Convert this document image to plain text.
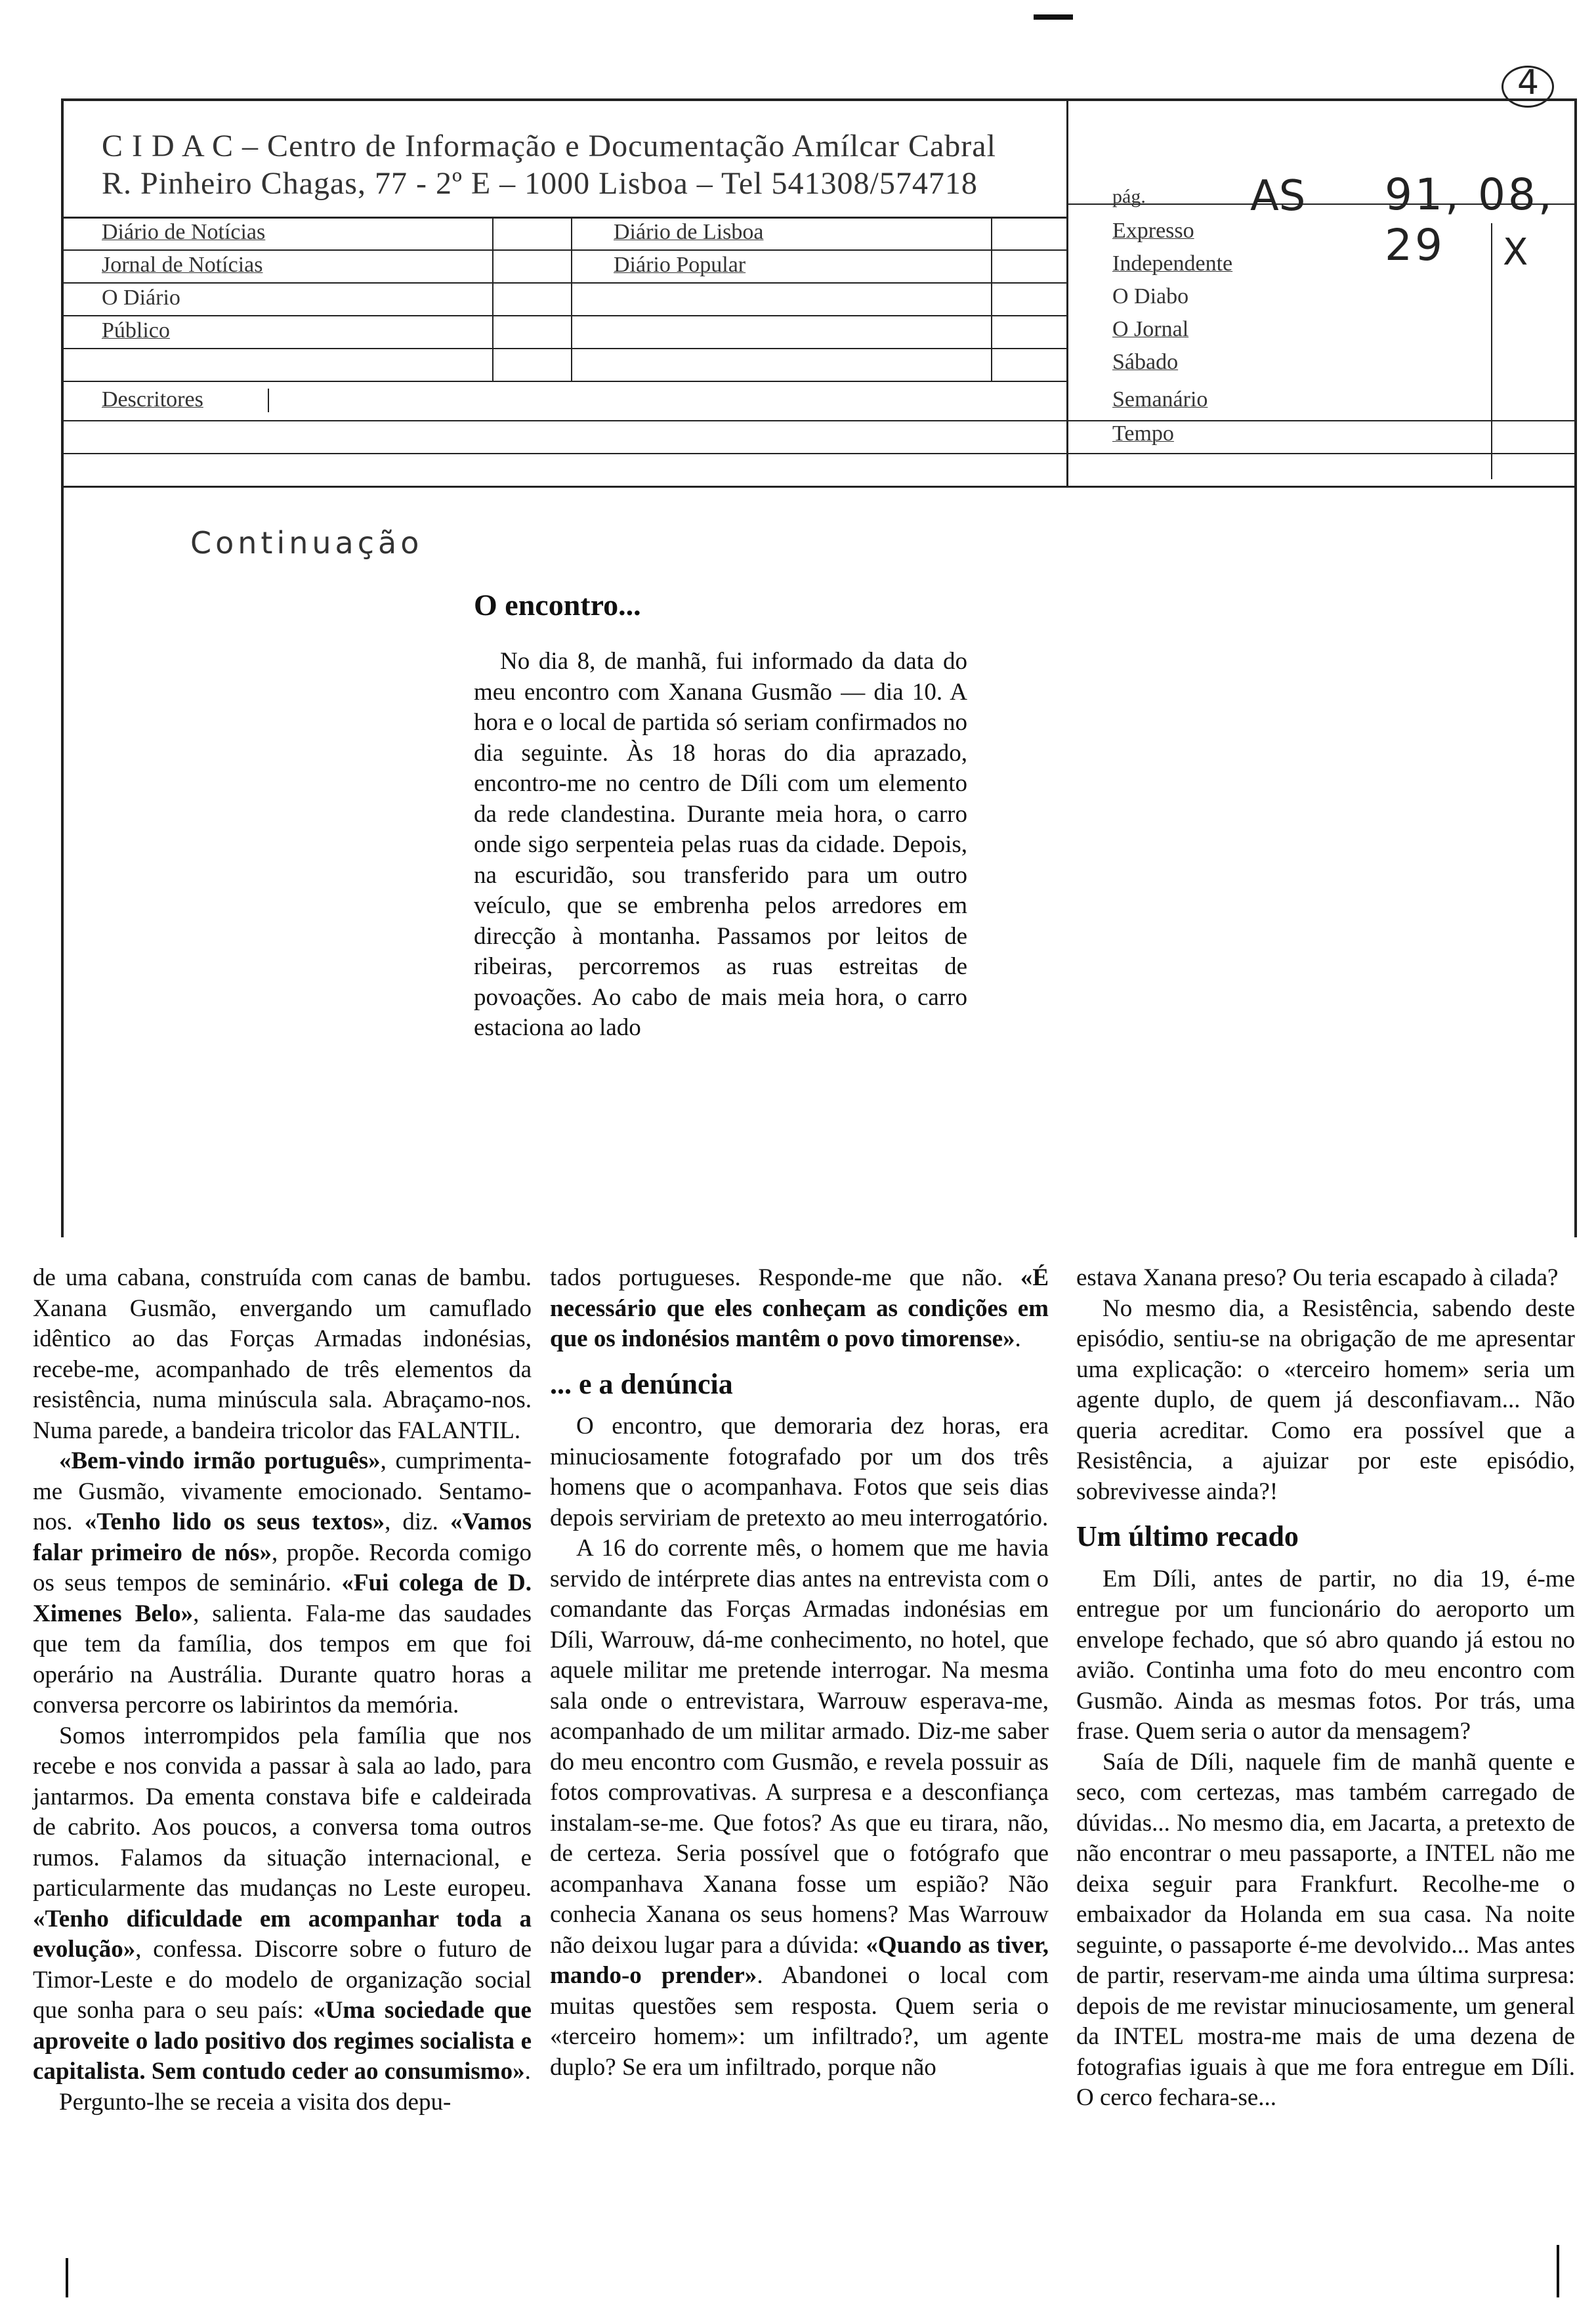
C I D A C – Centro de Informação e Documentação Amílcar Cabral
R. Pinheiro Chagas, 77 - 2º E – 1000 Lisboa – Tel 541308/574718	pág. AS 91, 08, 29
4
Diário de Notícias
Jornal de Notícias
O Diário
Público
Diário de Lisboa
Diário Popular
Expresso
Independente	X
O Diabo
O Jornal
Sábado
Semanário
Tempo
Descritores
Continuação
O encontro...

No dia 8, de manhã, fui informado da data do meu encontro com Xanana Gusmão — dia 10. A hora e o local de partida só seriam confirmados no dia seguinte. Às 18 horas do dia aprazado, encontro-me no centro de Díli com um elemento da rede clandestina. Durante meia hora, o carro onde sigo serpenteia pelas ruas da cidade. Depois, na escuridão, sou transferido para um outro veículo, que se embrenha pelos arredores em direcção à montanha. Passamos por leitos de ribeiras, percorremos as ruas estreitas de povoações. Ao cabo de mais meia hora, o carro estaciona ao lado

de uma cabana, construída com canas de bambu. Xanana Gusmão, envergando um camuflado idêntico ao das Forças Armadas indonésias, recebe-me, acompanhado de três elementos da resistência, numa minúscula sala. Abraçamo-nos. Numa parede, a bandeira tricolor das FALANTIL.

«Bem-vindo irmão português», cumprimenta-me Gusmão, vivamente emocionado. Sentamo-nos. «Tenho lido os seus textos», diz. «Vamos falar primeiro de nós», propõe. Recorda comigo os seus tempos de seminário. «Fui colega de D. Ximenes Belo», salienta. Fala-me das saudades que tem da família, dos tempos em que foi operário na Austrália. Durante quatro horas a conversa percorre os labirintos da memória.

Somos interrompidos pela família que nos recebe e nos convida a passar à sala ao lado, para jantarmos. Da ementa constava bife e caldeirada de cabrito. Aos poucos, a conversa toma outros rumos. Falamos da situação internacional, e particularmente das mudanças no Leste europeu. «Tenho dificuldade em acompanhar toda a evolução», confessa. Discorre sobre o futuro de Timor-Leste e do modelo de organização social que sonha para o seu país: «Uma sociedade que aproveite o lado positivo dos regimes socialista e capitalista. Sem contudo ceder ao consumismo».

Pergunto-lhe se receia a visita dos depu-

tados portugueses. Responde-me que não. «É necessário que eles conheçam as condições em que os indonésios mantêm o povo timorense».

... e a denúncia

O encontro, que demoraria dez horas, era minuciosamente fotografado por um dos três homens que o acompanhava. Fotos que seis dias depois serviriam de pretexto ao meu interrogatório.

A 16 do corrente mês, o homem que me havia servido de intérprete dias antes na entrevista com o comandante das Forças Armadas indonésias em Díli, Warrouw, dá-me conhecimento, no hotel, que aquele militar me pretende interrogar. Na mesma sala onde o entrevistara, Warrouw esperava-me, acompanhado de um militar armado. Diz-me saber do meu encontro com Gusmão, e revela possuir as fotos comprovativas. A surpresa e a desconfiança instalam-se-me. Que fotos? As que eu tirara, não, de certeza. Seria possível que o fotógrafo que acompanhava Xanana fosse um espião? Não conhecia Xanana os seus homens? Mas Warrouw não deixou lugar para a dúvida: «Quando as tiver, mando-o prender». Abandonei o local com muitas questões sem resposta. Quem seria o «terceiro homem»: um infiltrado?, um agente duplo? Se era um infiltrado, porque não

estava Xanana preso? Ou teria escapado à cilada?

No mesmo dia, a Resistência, sabendo deste episódio, sentiu-se na obrigação de me apresentar uma explicação: o «terceiro homem» seria um agente duplo, de quem já desconfiavam... Não queria acreditar. Como era possível que a Resistência, a ajuizar por este episódio, sobrevivesse ainda?!

Um último recado

Em Díli, antes de partir, no dia 19, é-me entregue por um funcionário do aeroporto um envelope fechado, que só abro quando já estou no avião. Continha uma foto do meu encontro com Gusmão. Ainda as mesmas fotos. Por trás, uma frase. Quem seria o autor da mensagem?

Saía de Díli, naquele fim de manhã quente e seco, com certezas, mas também carregado de dúvidas... No mesmo dia, em Jacarta, a pretexto de não encontrar o meu passaporte, a INTEL não me deixa seguir para Frankfurt. Recolhe-me o embaixador da Holanda em sua casa. Na noite seguinte, o passaporte é-me devolvido... Mas antes de partir, reservam-me ainda uma última surpresa: depois de me revistar minuciosamente, um general da INTEL mostra-me mais de uma dezena de fotografias iguais à que me fora entregue em Díli. O cerco fechara-se...
